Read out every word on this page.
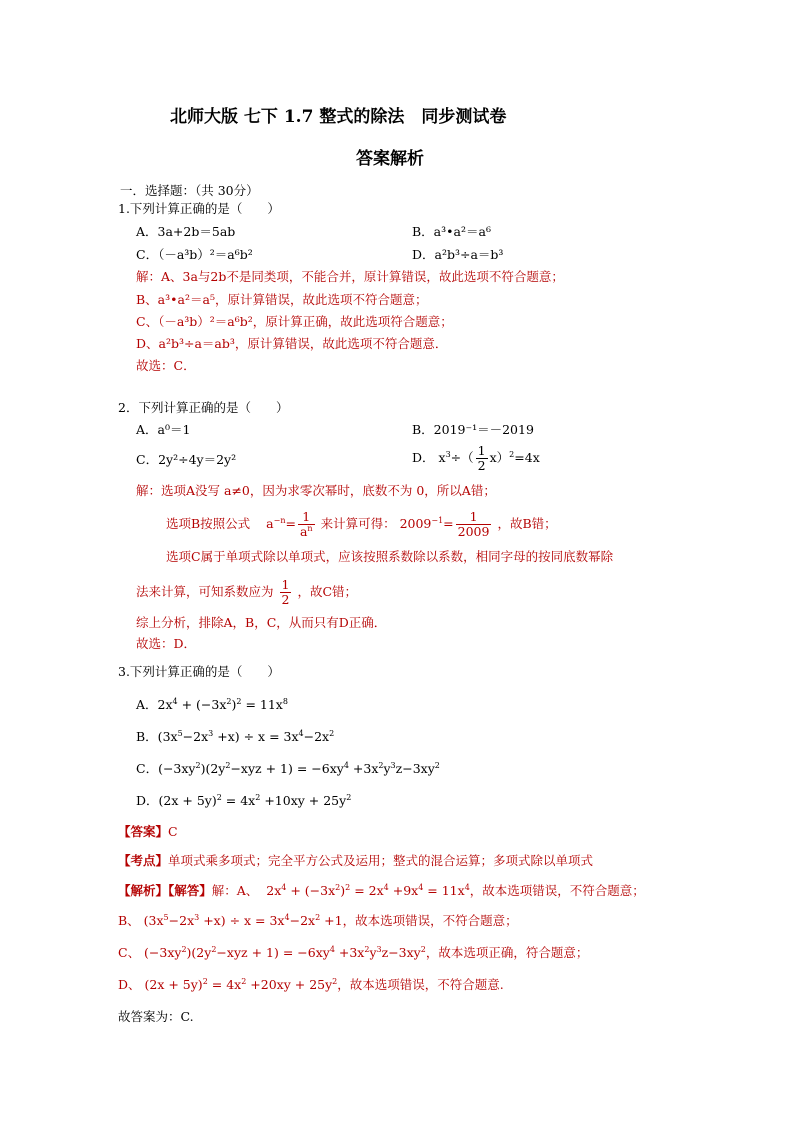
北师大版 七下 1.7 整式的除法　同步测试卷
答案解析
一．选择题：（共 30分）
1.下列计算正确的是（　　）
A．3a+2b＝5ab	B．a³•a²＝a⁶
C．（－a³b）²＝a⁶b²	D．a²b³÷a＝b³
解：A、3a与2b不是同类项，不能合并，原计算错误，故此选项不符合题意；
B、a³•a²＝a⁵，原计算错误，故此选项不符合题意；
C、（－a³b）²＝a⁶b²，原计算正确，故此选项符合题意；
D、a²b³÷a＝ab³，原计算错误，故此选项不符合题意．
故选：C．
2．下列计算正确的是（　　）
A．a⁰＝1	B．2019⁻¹＝－2019
C．2y²÷4y＝2y²	D． $x^3\div( \frac{1}{2} x)^2=4x$
解：选项A没写 a≠0，因为求零次幂时，底数不为 0，所以A错；
选项B按照公式 $a^{-n}= \frac{1}{a^n}$ 来计算可得： $2009^{-1}= \frac{1}{2009}$ ，故B错；
选项C属于单项式除以单项式，应该按照系数除以系数，相同字母的按同底数幂除
法来计算，可知系数应为 $\frac{1}{2}$ ，故C错；
综上分析，排除A，B，C，从而只有D正确．
故选：D．
3.下列计算正确的是（　　）
A．$2x^4 + (-3x^2)^2 = 11x^8$
B．$(3x^5-2x^3 +x) \div x = 3x^4-2x^2$
C．$(-3xy^2)(2y^2-xyz + 1) = -6xy^4 +3x^2y^3z-3xy^2$
D．$(2x + 5y)^2 = 4x^2 +10xy + 25y^2$
【答案】C
【考点】单项式乘多项式；完全平方公式及运用；整式的混合运算；多项式除以单项式
【解析】【解答】解：A、  $2x^4 + (-3x^2)^2 = 2x^4 +9x^4 = 11x^4$，故本选项错误，不符合题意；
B、 $(3x^5-2x^3 +x) \div x = 3x^4-2x^2 +1$，故本选项错误，不符合题意；
C、 $(-3xy^2)(2y^2-xyz + 1) = -6xy^4 +3x^2y^3z-3xy^2$，故本选项正确，符合题意；
D、 $(2x + 5y)^2 = 4x^2 +20xy + 25y^2$，故本选项错误，不符合题意.
故答案为：C.
